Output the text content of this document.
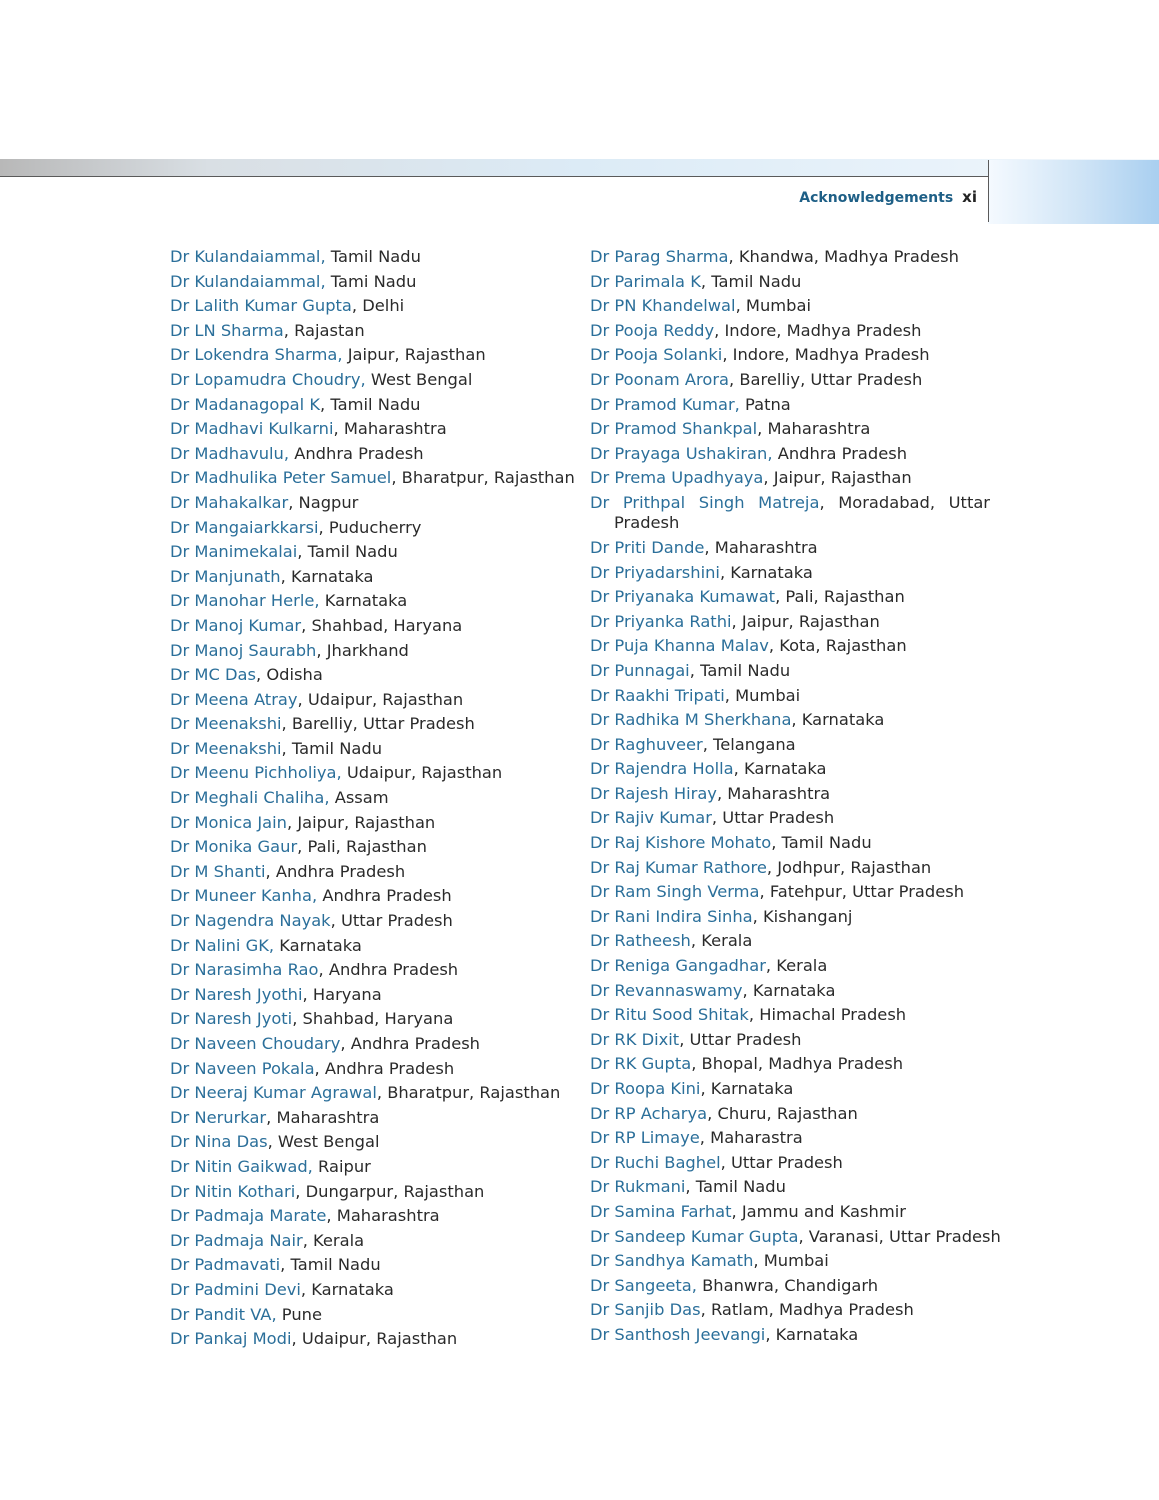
Acknowledgements xi
Dr Kulandaiammal, Tamil Nadu
Dr Kulandaiammal, Tami Nadu
Dr Lalith Kumar Gupta, Delhi
Dr LN Sharma, Rajastan
Dr Lokendra Sharma, Jaipur, Rajasthan
Dr Lopamudra Choudry, West Bengal
Dr Madanagopal K, Tamil Nadu
Dr Madhavi Kulkarni, Maharashtra
Dr Madhavulu, Andhra Pradesh
Dr Madhulika Peter Samuel, Bharatpur, Rajasthan
Dr Mahakalkar, Nagpur
Dr Mangaiarkkarsi, Puducherry
Dr Manimekalai, Tamil Nadu
Dr Manjunath, Karnataka
Dr Manohar Herle, Karnataka
Dr Manoj Kumar, Shahbad, Haryana
Dr Manoj Saurabh, Jharkhand
Dr MC Das, Odisha
Dr Meena Atray, Udaipur, Rajasthan
Dr Meenakshi, Barelliy, Uttar Pradesh
Dr Meenakshi, Tamil Nadu
Dr Meenu Pichholiya, Udaipur, Rajasthan
Dr Meghali Chaliha, Assam
Dr Monica Jain, Jaipur, Rajasthan
Dr Monika Gaur, Pali, Rajasthan
Dr M Shanti, Andhra Pradesh
Dr Muneer Kanha, Andhra Pradesh
Dr Nagendra Nayak, Uttar Pradesh
Dr Nalini GK, Karnataka
Dr Narasimha Rao, Andhra Pradesh
Dr Naresh Jyothi, Haryana
Dr Naresh Jyoti, Shahbad, Haryana
Dr Naveen Choudary, Andhra Pradesh
Dr Naveen Pokala, Andhra Pradesh
Dr Neeraj Kumar Agrawal, Bharatpur, Rajasthan
Dr Nerurkar, Maharashtra
Dr Nina Das, West Bengal
Dr Nitin Gaikwad, Raipur
Dr Nitin Kothari, Dungarpur, Rajasthan
Dr Padmaja Marate, Maharashtra
Dr Padmaja Nair, Kerala
Dr Padmavati, Tamil Nadu
Dr Padmini Devi, Karnataka
Dr Pandit VA, Pune
Dr Pankaj Modi, Udaipur, Rajasthan
Dr Parag Sharma, Khandwa, Madhya Pradesh
Dr Parimala K, Tamil Nadu
Dr PN Khandelwal, Mumbai
Dr Pooja Reddy, Indore, Madhya Pradesh
Dr Pooja Solanki, Indore, Madhya Pradesh
Dr Poonam Arora, Barelliy, Uttar Pradesh
Dr Pramod Kumar, Patna
Dr Pramod Shankpal, Maharashtra
Dr Prayaga Ushakiran, Andhra Pradesh
Dr Prema Upadhyaya, Jaipur, Rajasthan
Dr Prithpal Singh Matreja, Moradabad, Uttar Pradesh
Dr Priti Dande, Maharashtra
Dr Priyadarshini, Karnataka
Dr Priyanaka Kumawat, Pali, Rajasthan
Dr Priyanka Rathi, Jaipur, Rajasthan
Dr Puja Khanna Malav, Kota, Rajasthan
Dr Punnagai, Tamil Nadu
Dr Raakhi Tripati, Mumbai
Dr Radhika M Sherkhana, Karnataka
Dr Raghuveer, Telangana
Dr Rajendra Holla, Karnataka
Dr Rajesh Hiray, Maharashtra
Dr Rajiv Kumar, Uttar Pradesh
Dr Raj Kishore Mohato, Tamil Nadu
Dr Raj Kumar Rathore, Jodhpur, Rajasthan
Dr Ram Singh Verma, Fatehpur, Uttar Pradesh
Dr Rani Indira Sinha, Kishanganj
Dr Ratheesh, Kerala
Dr Reniga Gangadhar, Kerala
Dr Revannaswamy, Karnataka
Dr Ritu Sood Shitak, Himachal Pradesh
Dr RK Dixit, Uttar Pradesh
Dr RK Gupta, Bhopal, Madhya Pradesh
Dr Roopa Kini, Karnataka
Dr RP Acharya, Churu, Rajasthan
Dr RP Limaye, Maharastra
Dr Ruchi Baghel, Uttar Pradesh
Dr Rukmani, Tamil Nadu
Dr Samina Farhat, Jammu and Kashmir
Dr Sandeep Kumar Gupta, Varanasi, Uttar Pradesh
Dr Sandhya Kamath, Mumbai
Dr Sangeeta, Bhanwra, Chandigarh
Dr Sanjib Das, Ratlam, Madhya Pradesh
Dr Santhosh Jeevangi, Karnataka
